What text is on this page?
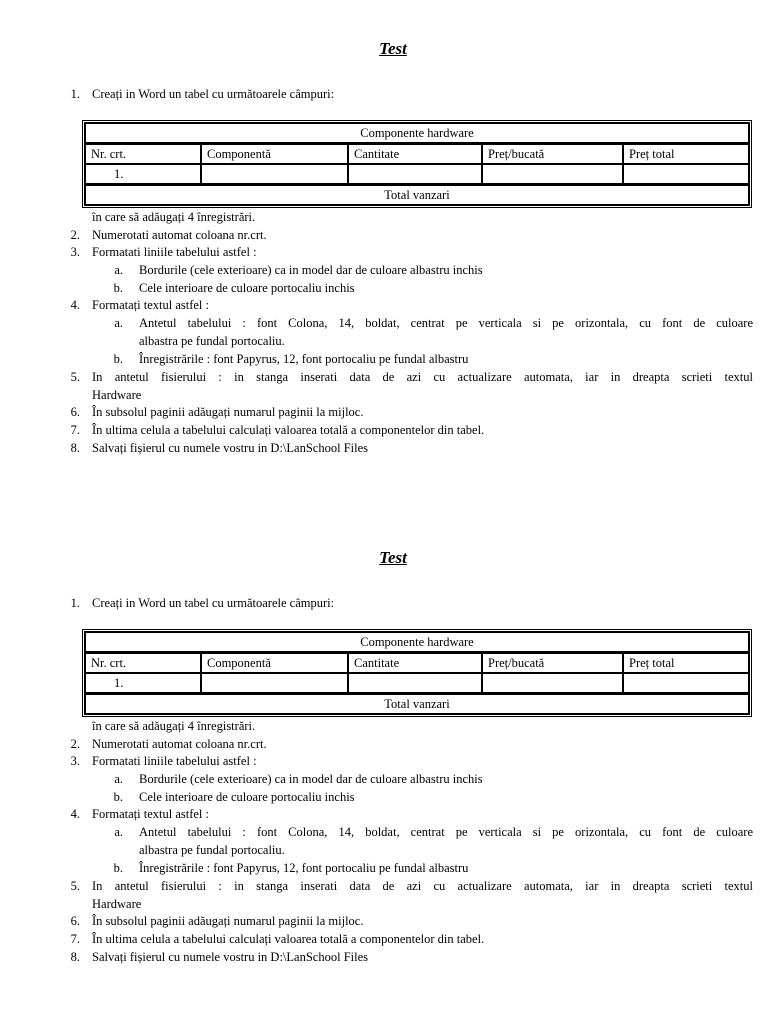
Test
1. Creați in Word un tabel cu următoarele câmpuri:
Componente hardware				
Nr. crt.	Componentă	Cantitate	Preț/bucată	Preț total
1.				
Total vanzari				
în care să adăugați 4 înregistrări.
2. Numerotati automat coloana nr.crt.
3. Formatati liniile tabelului astfel :
a. Bordurile (cele exterioare) ca in model dar de culoare albastru inchis
b. Cele interioare de culoare portocaliu inchis
4. Formatați textul astfel :
a. Antetul tabelului : font Colona, 14, boldat, centrat pe verticala si pe orizontala, cu font de culoare
albastra pe fundal portocaliu.
b. Înregistrările : font Papyrus, 12, font portocaliu pe fundal albastru
5. In antetul fisierului : in stanga inserati data de azi cu actualizare automata, iar in dreapta scrieti textul
Hardware
6. În subsolul paginii adăugați numarul paginii la mijloc.
7. În ultima celula a tabelului calculați valoarea totală a componentelor din tabel.
8. Salvați fișierul cu numele vostru in D:\LanSchool Files
Test
1. Creați in Word un tabel cu următoarele câmpuri:
Componente hardware				
Nr. crt.	Componentă	Cantitate	Preț/bucată	Preț total
1.				
Total vanzari				
în care să adăugați 4 înregistrări.
2. Numerotati automat coloana nr.crt.
3. Formatati liniile tabelului astfel :
a. Bordurile (cele exterioare) ca in model dar de culoare albastru inchis
b. Cele interioare de culoare portocaliu inchis
4. Formatați textul astfel :
a. Antetul tabelului : font Colona, 14, boldat, centrat pe verticala si pe orizontala, cu font de culoare
albastra pe fundal portocaliu.
b. Înregistrările : font Papyrus, 12, font portocaliu pe fundal albastru
5. In antetul fisierului : in stanga inserati data de azi cu actualizare automata, iar in dreapta scrieti textul
Hardware
6. În subsolul paginii adăugați numarul paginii la mijloc.
7. În ultima celula a tabelului calculați valoarea totală a componentelor din tabel.
8. Salvați fișierul cu numele vostru in D:\LanSchool Files
